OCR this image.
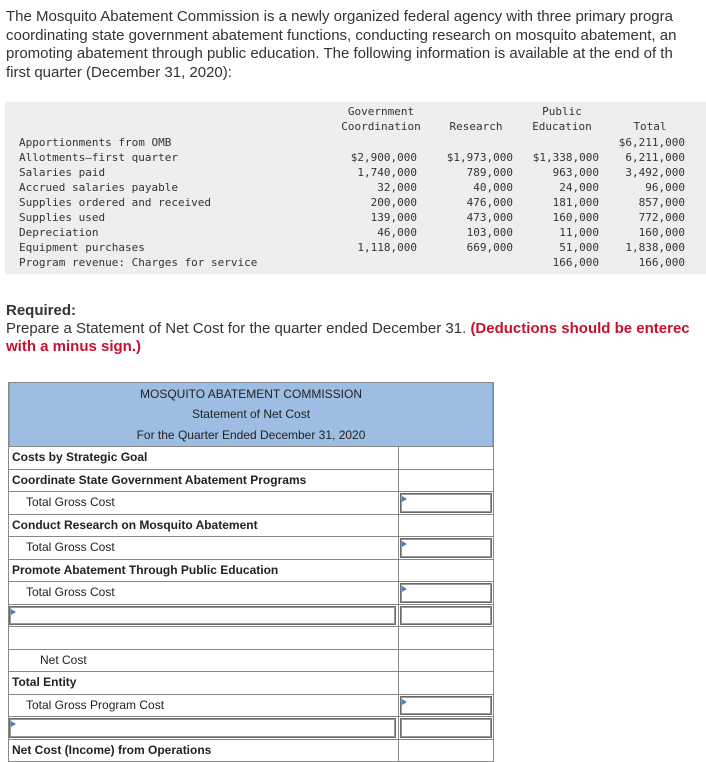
The Mosquito Abatement Commission is a newly organized federal agency with three primary progra
coordinating state government abatement functions, conducting research on mosquito abatement, an
promoting abatement through public education. The following information is available at the end of th
first quarter (December 31, 2020):
Government
Coordination	Research
Public
Education	Total
Apportionments from OMB
Allotments—first quarter
Salaries paid
Accrued salaries payable
Supplies ordered and received
Supplies used
Depreciation
Equipment purchases
Program revenue: Charges for service
$2,900,000
1,740,000
32,000
200,000
139,000
46,000
1,118,000
$1,973,000
789,000
40,000
476,000
473,000
103,000
669,000
$1,338,000
963,000
24,000
181,000
160,000
11,000
51,000
166,000
$6,211,000
6,211,000
3,492,000
96,000
857,000
772,000
160,000
1,838,000
166,000
Required:
Prepare a Statement of Net Cost for the quarter ended December 31. (Deductions should be enterec
with a minus sign.)
MOSQUITO ABATEMENT COMMISSION
Statement of Net Cost
For the Quarter Ended December 31, 2020
Costs by Strategic Goal
Coordinate State Government Abatement Programs
Total Gross Cost
Conduct Research on Mosquito Abatement
Total Gross Cost
Promote Abatement Through Public Education
Total Gross Cost
Net Cost
Total Entity
Total Gross Program Cost
Net Cost (Income) from Operations
